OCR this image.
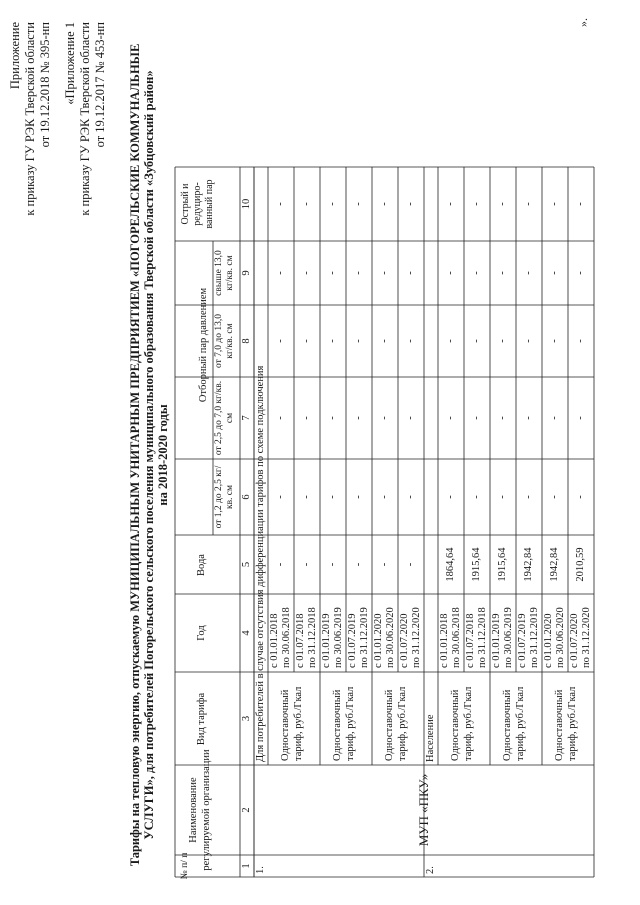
Приложение к приказу ГУ РЭК Тверской области от 19.12.2018 № 395-нп «Приложение 1 к приказу ГУ РЭК Тверской области от 19.12.2017 № 453-нп Тарифы на тепловую энергию, отпускаемую МУНИЦИПАЛЬНЫМ УНИТАРНЫМ ПРЕДПРИЯТИЕМ «ПОГОРЕЛЬСКИЕ КОММУНАЛЬНЫЕ УСЛУГИ», для потребителей Погорельского сельского поселения муниципального образования Тверской области «Зубцовский район» на 2018-2020 годы
№ п/ п
Наименование регулируемой организации
Вид тарифа
Год
Вода
Отборный пар давлением
от 1,2 до 2,5 кг/кв. см
от 2,5 до 7,0 кг/кв. см
от 7,0 до 13,0 кг/кв. см
свыше 13,0 кг/кв. см
Острый и редуциро-ванный пар
1
2
3
4
5
6
7
8
9
10
1.
Для потребителей в случае отсутствия дифференциации тарифов по схеме подключения Одноставочный тариф, руб./Гкал
с 01.01.2018 по 30.06.2018
-
-
-
-
-
-
с 01.07.2018 по 31.12.2018
-
-
-
-
-
-
Одноставочный тариф, руб./Гкал
с 01.01.2019 по 30.06.2019
-
-
-
-
-
-
с 01.07.2019 по 31.12.2019
-
-
-
-
-
-
Одноставочный тариф, руб./Гкал
с 01.01.2020 по 30.06.2020
-
-
-
-
-
-
с 01.07.2020 по 31.12.2020
-
-
-
-
-
-
2.
Население Одноставочный тариф, руб./Гкал
с 01.01.2018 по 30.06.2018
1864,64
-
-
-
-
-
с 01.07.2018 по 31.12.2018
1915,64
-
-
-
-
-
Одноставочный тариф, руб./Гкал
с 01.01.2019 по 30.06.2019
1915,64
-
-
-
-
-
с 01.07.2019 по 31.12.2019
1942,84
-
-
-
-
-
Одноставочный тариф, руб./Гкал
с 01.01.2020 по 30.06.2020
1942,84
-
-
-
-
-
с 01.07.2020 по 31.12.2020
2010,59
-
-
-
-
-
МУП «ПКУ»
».
